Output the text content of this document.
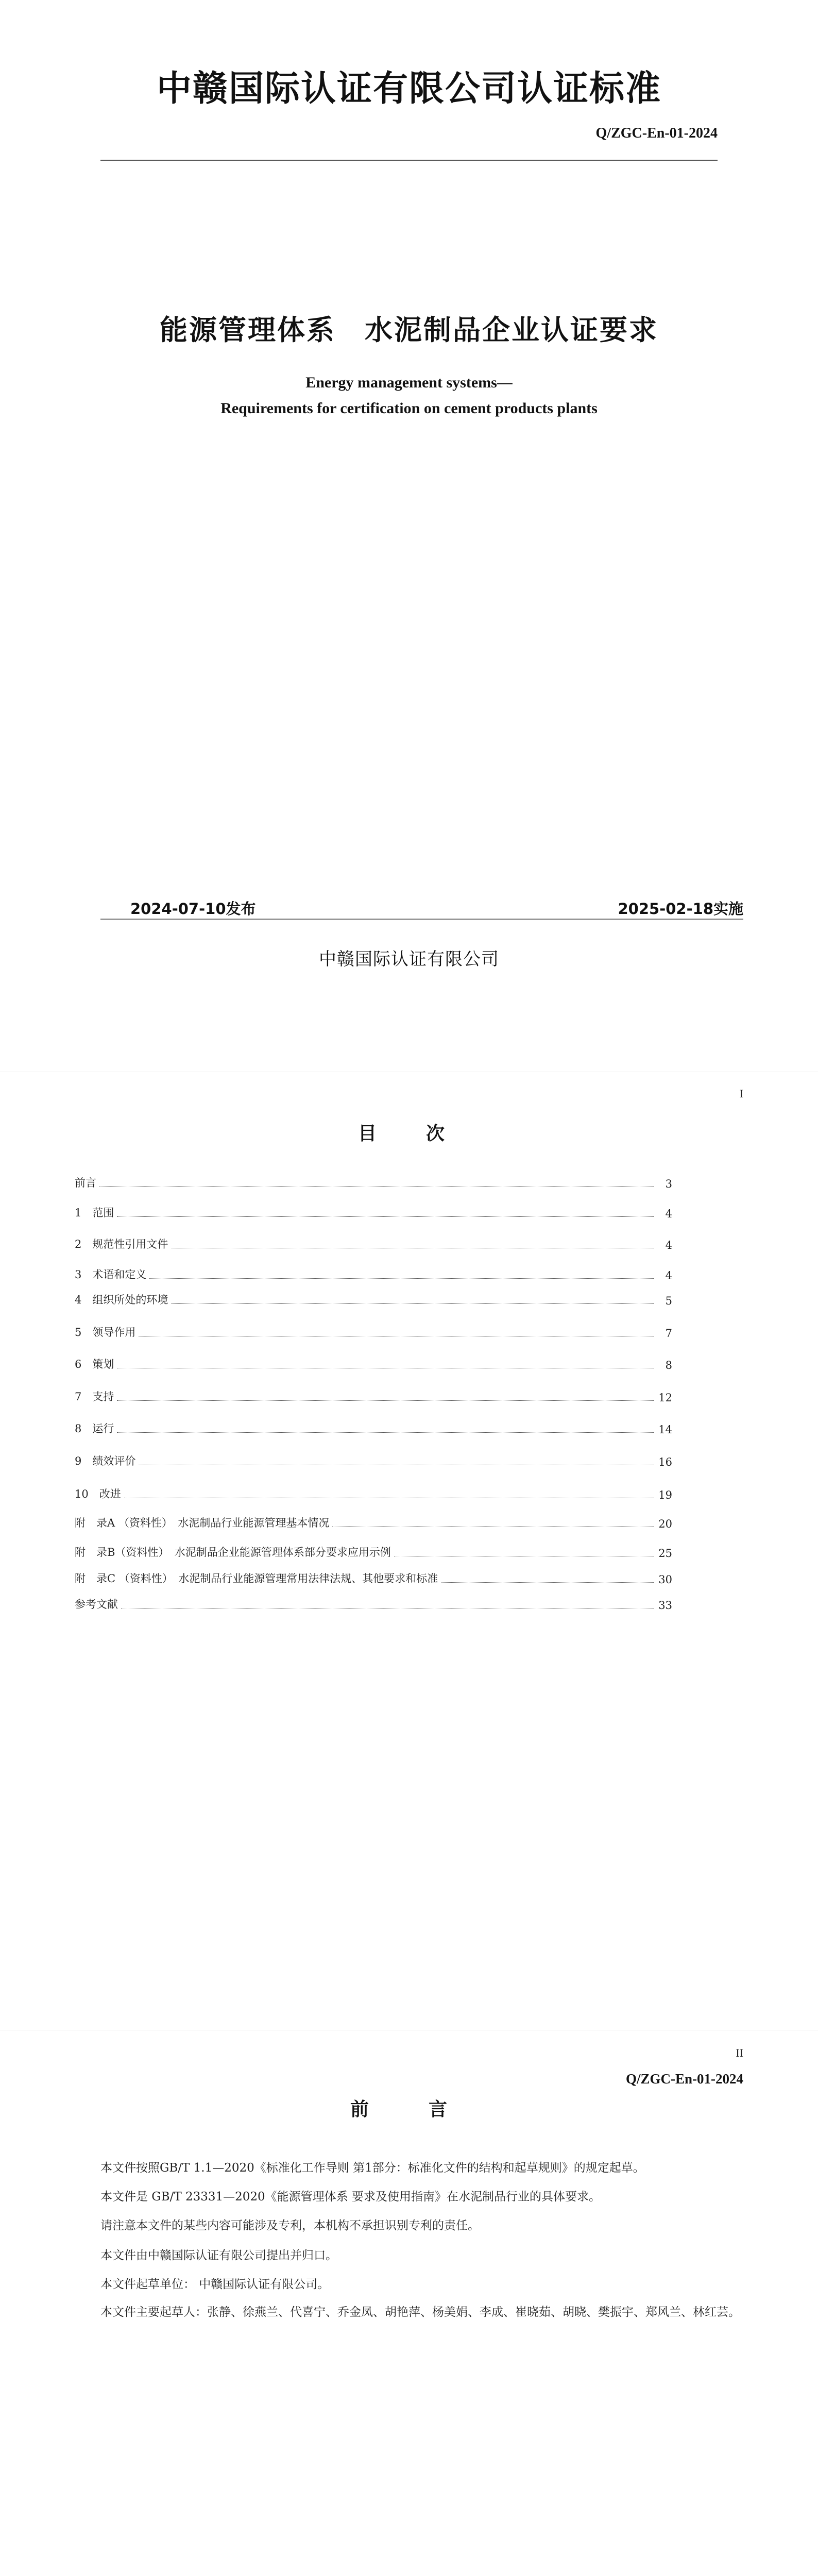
中赣国际认证有限公司认证标准
Q/ZGC-En-01-2024
能源管理体系 水泥制品企业认证要求
Energy management systems—
Requirements for certification on cement products plants
2024-07-10发布	2025-02-18实施
中赣国际认证有限公司
I
目　次
前言	3
1　范围	4
2　规范性引用文件	4
3　术语和定义	4
4　组织所处的环境	5
5　领导作用	7
6　策划	8
7　支持	12
8　运行	14
9　绩效评价	16
10　改进	19
附　录A （资料性）　水泥制品行业能源管理基本情况	20
附　录B（资料性）　水泥制品企业能源管理体系部分要求应用示例	25
附　录C （资料性）　水泥制品行业能源管理常用法律法规、其他要求和标准	30
参考文献	33
II
Q/ZGC-En-01-2024
前　言

本文件按照GB/T 1.1—2020《标准化工作导则 第1部分：标准化文件的结构和起草规则》的规定起草。

本文件是 GB/T 23331—2020《能源管理体系 要求及使用指南》在水泥制品行业的具体要求。

请注意本文件的某些内容可能涉及专利，本机构不承担识别专利的责任。

本文件由中赣国际认证有限公司提出并归口。

本文件起草单位： 中赣国际认证有限公司。

本文件主要起草人：张静、徐燕兰、代喜宁、乔金凤、胡艳萍、杨美娟、李成、崔晓茹、胡晓、樊振宇、郑风兰、林红芸。
